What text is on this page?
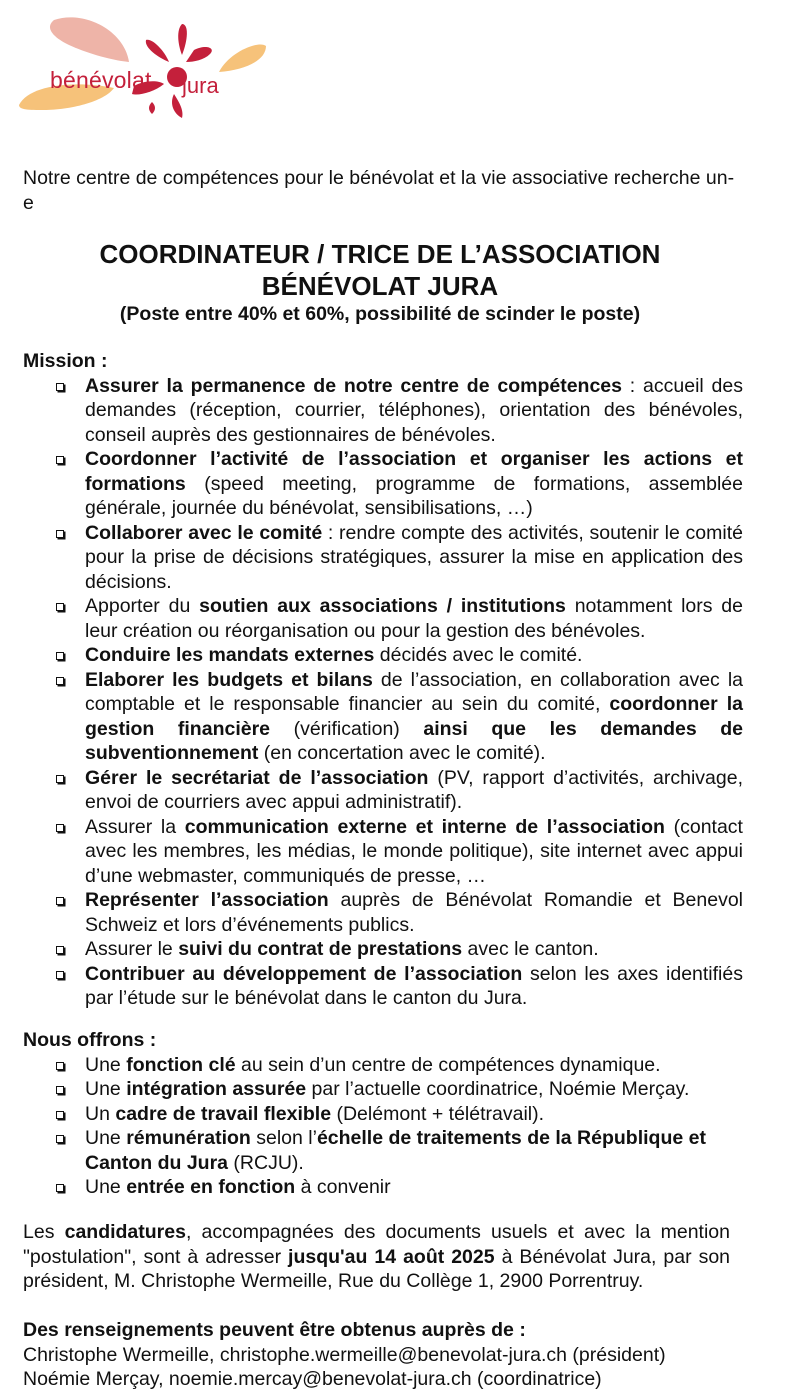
bénévolat jura
Notre centre de compétences pour le bénévolat et la vie associative recherche un-e
COORDINATEUR / TRICE DE L’ASSOCIATION
BÉNÉVOLAT JURA
(Poste entre 40% et 60%, possibilité de scinder le poste)
Mission :
Assurer la permanence de notre centre de compétences : accueil des demandes (réception, courrier, téléphones), orientation des bénévoles, conseil auprès des gestionnaires de bénévoles.
Coordonner l’activité de l’association et organiser les actions et formations (speed meeting, programme de formations, assemblée générale, journée du bénévolat, sensibilisations, …)
Collaborer avec le comité : rendre compte des activités, soutenir le comité pour la prise de décisions stratégiques, assurer la mise en application des décisions.
Apporter du soutien aux associations / institutions notamment lors de leur création ou réorganisation ou pour la gestion des bénévoles.
Conduire les mandats externes décidés avec le comité.
Elaborer les budgets et bilans de l’association, en collaboration avec la comptable et le responsable financier au sein du comité, coordonner la gestion financière (vérification) ainsi que les demandes de subventionnement (en concertation avec le comité).
Gérer le secrétariat de l’association (PV, rapport d’activités, archivage, envoi de courriers avec appui administratif).
Assurer la communication externe et interne de l’association (contact avec les membres, les médias, le monde politique), site internet avec appui d’une webmaster, communiqués de presse, …
Représenter l’association auprès de Bénévolat Romandie et Benevol Schweiz et lors d’événements publics.
Assurer le suivi du contrat de prestations avec le canton.
Contribuer au développement de l’association selon les axes identifiés par l’étude sur le bénévolat dans le canton du Jura.
Nous offrons :
Une fonction clé au sein d’un centre de compétences dynamique.
Une intégration assurée par l’actuelle coordinatrice, Noémie Merçay.
Un cadre de travail flexible (Delémont + télétravail).
Une rémunération selon l’échelle de traitements de la République et Canton du Jura (RCJU).
Une entrée en fonction à convenir
Les candidatures, accompagnées des documents usuels et avec la mention "postulation", sont à adresser jusqu'au 14 août 2025 à Bénévolat Jura, par son président, M. Christophe Wermeille, Rue du Collège 1, 2900 Porrentruy.
Des renseignements peuvent être obtenus auprès de :
Christophe Wermeille, christophe.wermeille@benevolat-jura.ch (président)
Noémie Merçay, noemie.mercay@benevolat-jura.ch (coordinatrice)
